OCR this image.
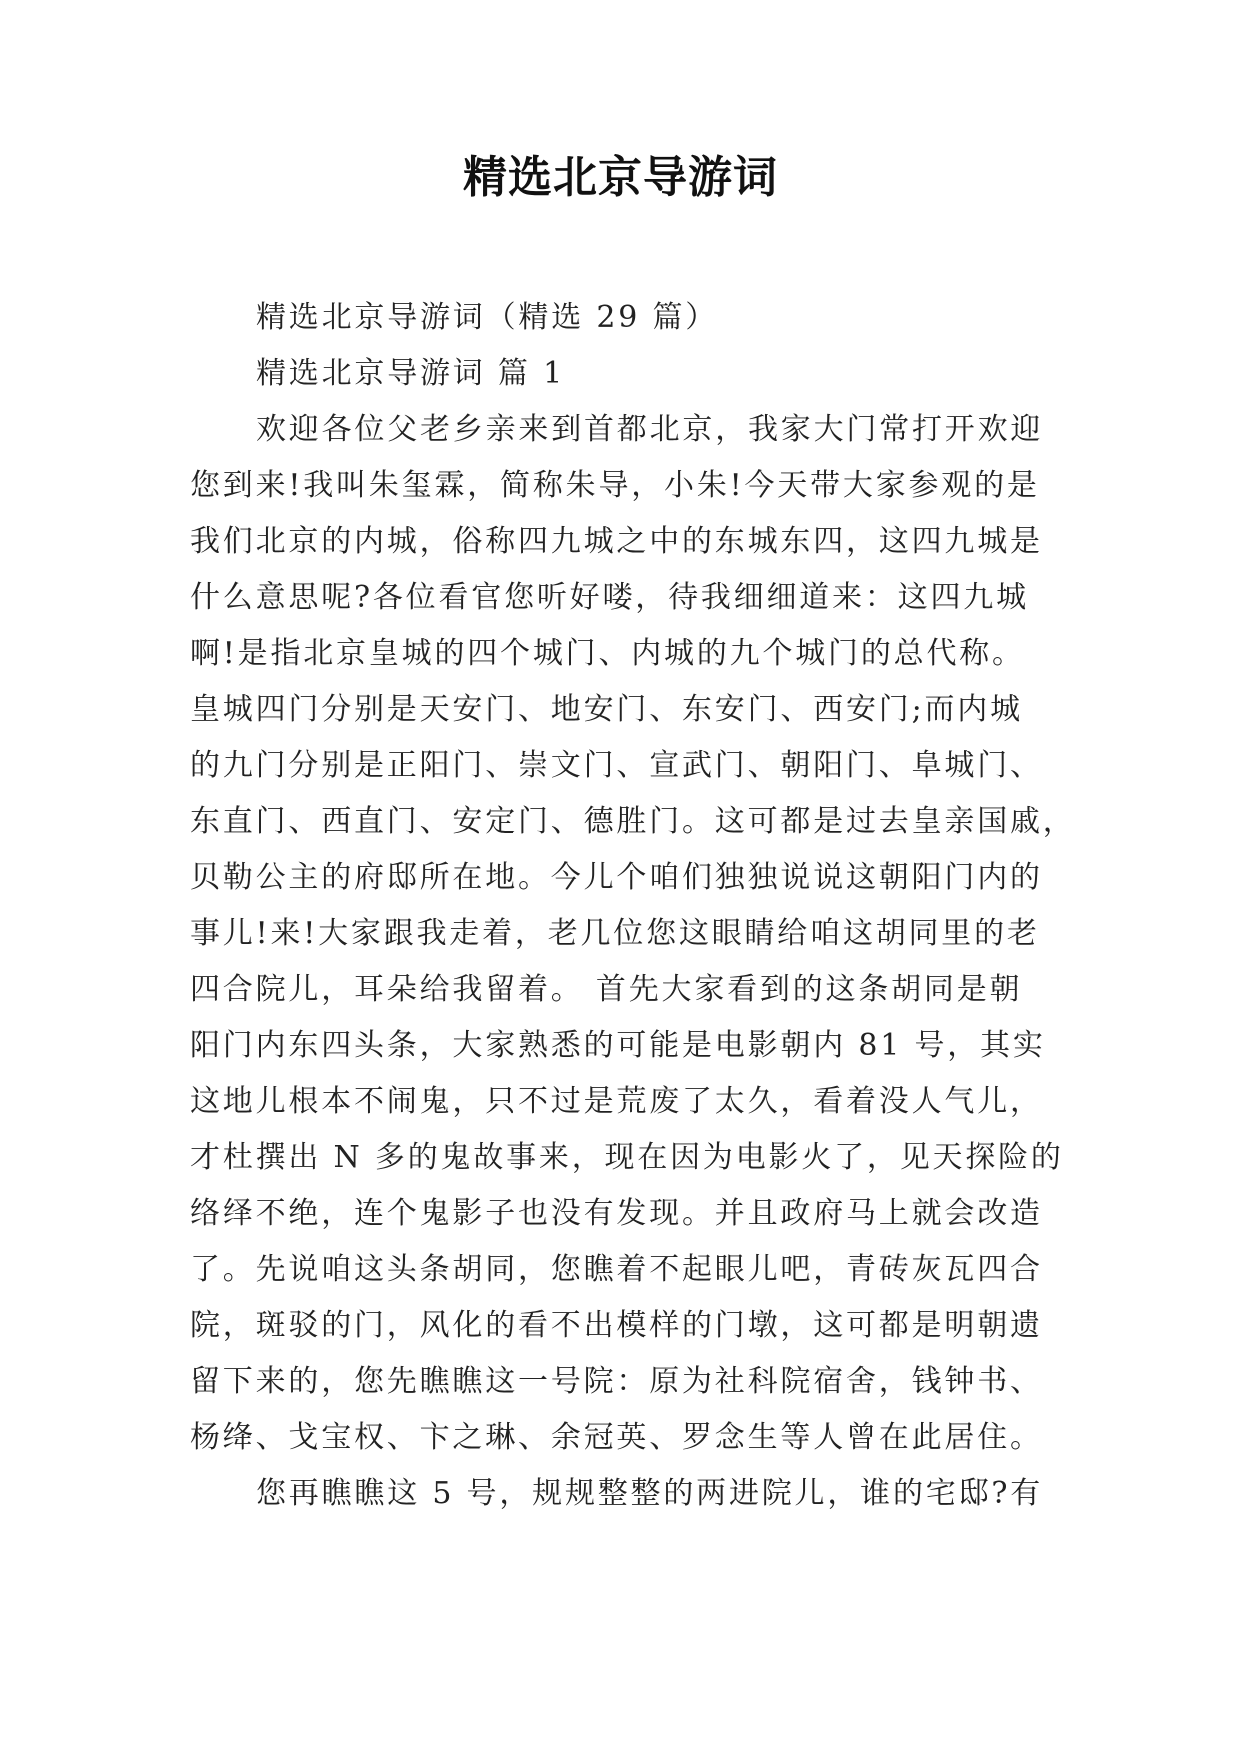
精选北京导游词
精选北京导游词（精选 29 篇）
精选北京导游词 篇 1
欢迎各位父老乡亲来到首都北京，我家大门常打开欢迎
您到来!我叫朱玺霖，简称朱导，小朱!今天带大家参观的是
我们北京的内城，俗称四九城之中的东城东四，这四九城是
什么意思呢?各位看官您听好喽，待我细细道来：这四九城
啊!是指北京皇城的四个城门、内城的九个城门的总代称。
皇城四门分别是天安门、地安门、东安门、西安门;而内城
的九门分别是正阳门、崇文门、宣武门、朝阳门、阜城门、
东直门、西直门、安定门、德胜门。这可都是过去皇亲国戚，
贝勒公主的府邸所在地。今儿个咱们独独说说这朝阳门内的
事儿!来!大家跟我走着，老几位您这眼睛给咱这胡同里的老
四合院儿，耳朵给我留着。 首先大家看到的这条胡同是朝
阳门内东四头条，大家熟悉的可能是电影朝内 81 号，其实
这地儿根本不闹鬼，只不过是荒废了太久，看着没人气儿，
才杜撰出 N 多的鬼故事来，现在因为电影火了，见天探险的
络绎不绝，连个鬼影子也没有发现。并且政府马上就会改造
了。先说咱这头条胡同，您瞧着不起眼儿吧，青砖灰瓦四合
院，斑驳的门，风化的看不出模样的门墩，这可都是明朝遗
留下来的，您先瞧瞧这一号院：原为社科院宿舍，钱钟书、
杨绛、戈宝权、卞之琳、余冠英、罗念生等人曾在此居住。
您再瞧瞧这 5 号，规规整整的两进院儿，谁的宅邸?有
